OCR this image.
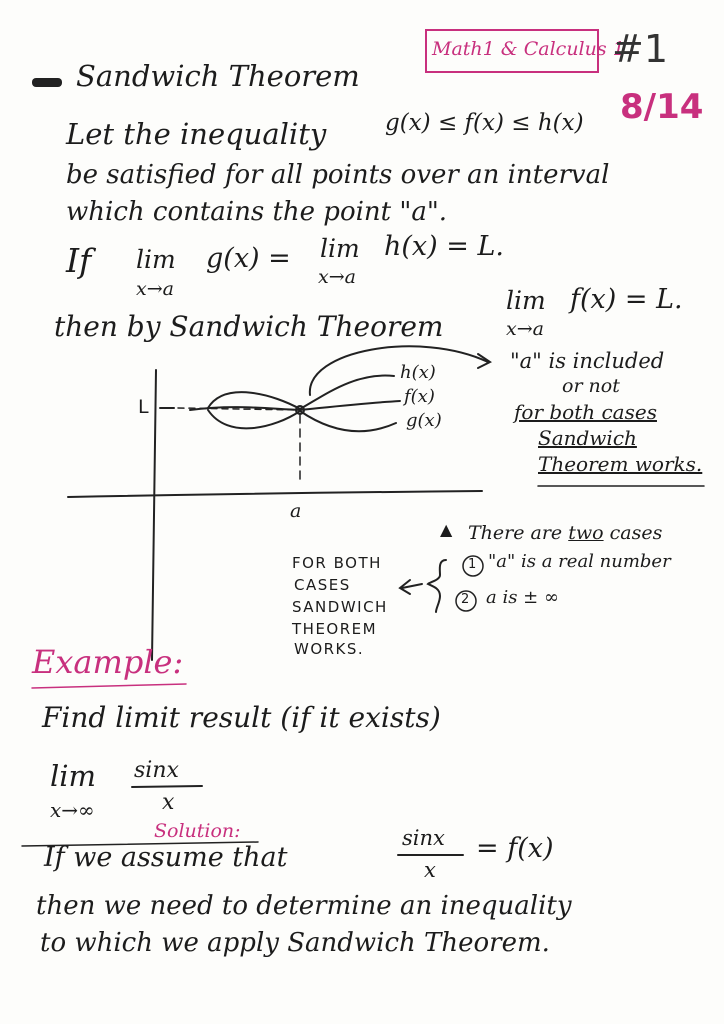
Math1 & Calculus 1
#1
8/14
Sandwich Theorem
Let the inequality	g(x) ≤ f(x) ≤ h(x)
be satisfied for all points over an interval
which contains the point "a".
If lim
x→a
g(x) = lim
x→a
h(x) = L.
then by Sandwich Theorem
lim
x→a
f(x) = L.
h(x)
f(x)
g(x)
L
a
"a" is included
or not
for both cases
Sandwich
Theorem works.
▲ There are two cases
1 "a" is a real number
2 a is ± ∞
FOR BOTH
CASES
SANDWICH
THEOREM
WORKS.
Example:
Find limit result (if it exists)
lim
x→∞
sinx
x
Solution:
If we assume that
sinx
x
= f(x)
then we need to determine an inequality
to which we apply Sandwich Theorem.
